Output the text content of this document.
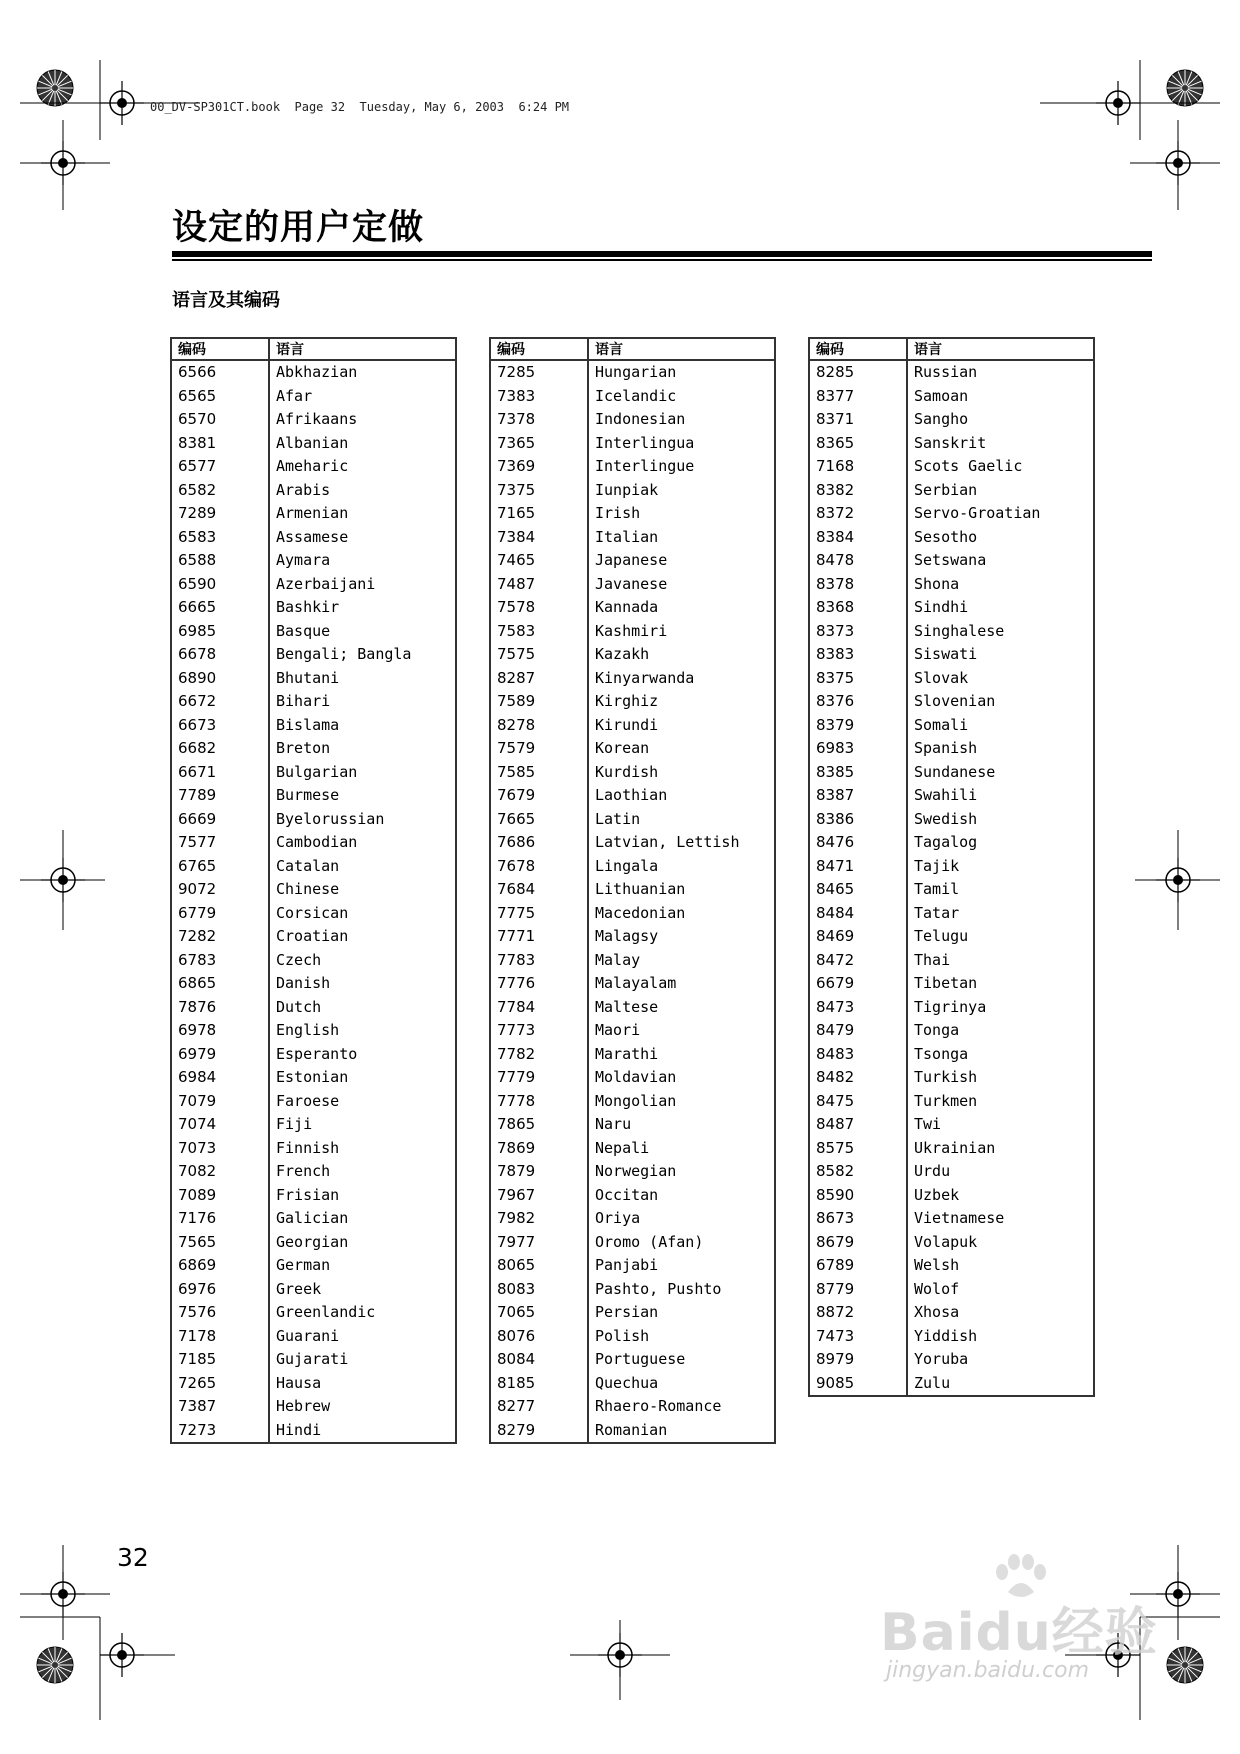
00_DV-SP301CT.book  Page 32  Tuesday, May 6, 2003  6:24 PM
设定的用户定做
语言及其编码
编码	语言
6566	Abkhazian
6565	Afar
6570	Afrikaans
8381	Albanian
6577	Ameharic
6582	Arabis
7289	Armenian
6583	Assamese
6588	Aymara
6590	Azerbaijani
6665	Bashkir
6985	Basque
6678	Bengali; Bangla
6890	Bhutani
6672	Bihari
6673	Bislama
6682	Breton
6671	Bulgarian
7789	Burmese
6669	Byelorussian
7577	Cambodian
6765	Catalan
9072	Chinese
6779	Corsican
7282	Croatian
6783	Czech
6865	Danish
7876	Dutch
6978	English
6979	Esperanto
6984	Estonian
7079	Faroese
7074	Fiji
7073	Finnish
7082	French
7089	Frisian
7176	Galician
7565	Georgian
6869	German
6976	Greek
7576	Greenlandic
7178	Guarani
7185	Gujarati
7265	Hausa
7387	Hebrew
7273	Hindi
编码	语言
7285	Hungarian
7383	Icelandic
7378	Indonesian
7365	Interlingua
7369	Interlingue
7375	Iunpiak
7165	Irish
7384	Italian
7465	Japanese
7487	Javanese
7578	Kannada
7583	Kashmiri
7575	Kazakh
8287	Kinyarwanda
7589	Kirghiz
8278	Kirundi
7579	Korean
7585	Kurdish
7679	Laothian
7665	Latin
7686	Latvian, Lettish
7678	Lingala
7684	Lithuanian
7775	Macedonian
7771	Malagsy
7783	Malay
7776	Malayalam
7784	Maltese
7773	Maori
7782	Marathi
7779	Moldavian
7778	Mongolian
7865	Naru
7869	Nepali
7879	Norwegian
7967	Occitan
7982	Oriya
7977	Oromo (Afan)
8065	Panjabi
8083	Pashto, Pushto
7065	Persian
8076	Polish
8084	Portuguese
8185	Quechua
8277	Rhaero-Romance
8279	Romanian
编码	语言
8285	Russian
8377	Samoan
8371	Sangho
8365	Sanskrit
7168	Scots Gaelic
8382	Serbian
8372	Servo-Groatian
8384	Sesotho
8478	Setswana
8378	Shona
8368	Sindhi
8373	Singhalese
8383	Siswati
8375	Slovak
8376	Slovenian
8379	Somali
6983	Spanish
8385	Sundanese
8387	Swahili
8386	Swedish
8476	Tagalog
8471	Tajik
8465	Tamil
8484	Tatar
8469	Telugu
8472	Thai
6679	Tibetan
8473	Tigrinya
8479	Tonga
8483	Tsonga
8482	Turkish
8475	Turkmen
8487	Twi
8575	Ukrainian
8582	Urdu
8590	Uzbek
8673	Vietnamese
8679	Volapuk
6789	Welsh
8779	Wolof
8872	Xhosa
7473	Yiddish
8979	Yoruba
9085	Zulu
32
Baidu经验
jingyan.baidu.com
